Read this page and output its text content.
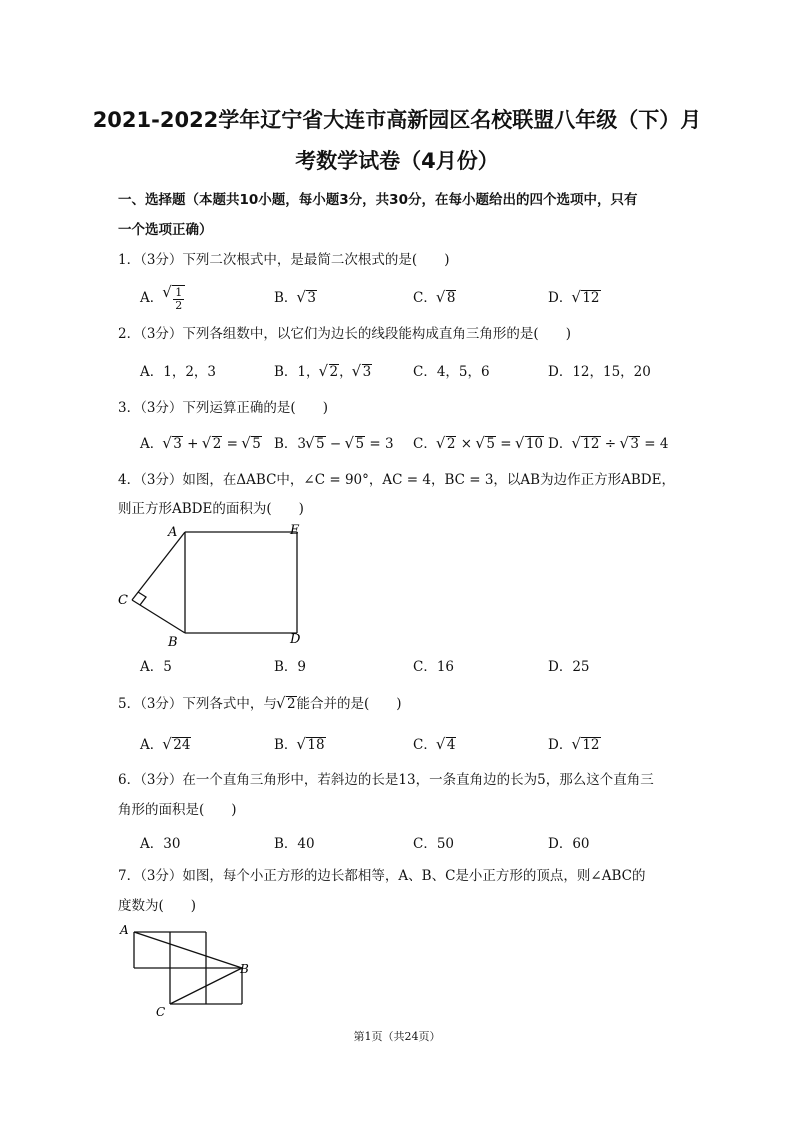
2021-2022学年辽宁省大连市高新园区名校联盟八年级（下）月
考数学试卷（4月份）
一、选择题（本题共10小题，每小题3分，共30分，在每小题给出的四个选项中，只有
一个选项正确）
1．（3分）下列二次根式中，是最简二次根式的是(　　)
A． √ $\frac{1}{2}$	B． √ 3	C． √ 8	D． √ 12
2．（3分）下列各组数中，以它们为边长的线段能构成直角三角形的是(　　)
A．1，2，3	B．1， √ 2， √ 3	C．4，5，6	D．12，15，20
3．（3分）下列运算正确的是(　　)
A． √ 3 + √ 2 = √ 5 B．3 √ 5 − √ 5 = 3 C． √ 2 × √ 5 = √ 10 D． √ 12 ÷ √ 3 = 4
4．（3分）如图，在ΔABC中，∠C = 90°，AC = 4，BC = 3，以AB为边作正方形ABDE，
则正方形ABDE的面积为(　　)
A	E
C
B	D
A．5	B．9	C．16	D．25
5．（3分）下列各式中，与 √ 2能合并的是(　　)
A． √ 24	B． √ 18	C． √ 4	D． √ 12
6．（3分）在一个直角三角形中，若斜边的长是13，一条直角边的长为5，那么这个直角三
角形的面积是(　　)
A．30	B．40	C．50	D．60
7．（3分）如图，每个小正方形的边长都相等，A、B、C是小正方形的顶点，则∠ABC的
度数为(　　)
A
B
C
第1页（共24页）
